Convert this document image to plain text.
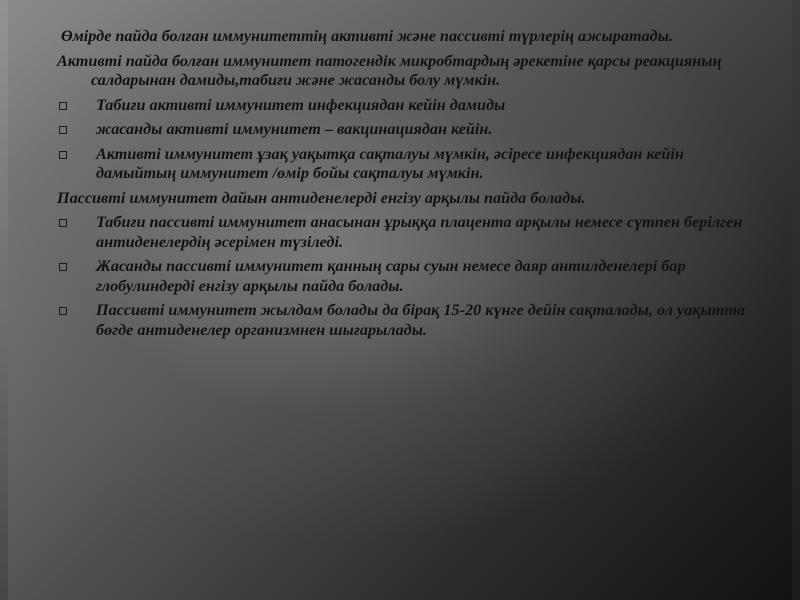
Өмірде пайда болған иммунитеттің активті және пассивті түрлерің ажыратады.

Активті пайда болған иммунитет патогендік микробтардың әрекетіне қарсы реакцияның салдарынан дамиды,табиғи және жасанды болу мүмкін.

Табиғи активті иммунитет инфекциядан кейін дамиды
жасанды активті иммунитет – вакцинациядан кейін.
Активті иммунитет ұзақ уақытқа сақталуы мүмкін, әсіресе инфекциядан кейін дамыйтың иммунитет /өмір бойы сақталуы мүмкін.

Пассивті иммунитет дайын антиденелерді енгізу арқылы пайда болады.

Табиғи пассивті иммунитет анасынан ұрыққа плацента арқылы немесе сүтпен берілген антиденелердің әсерімен түзіледі.
Жасанды пассивті иммунитет қанның сары суын немесе даяр антилденелері бар глобулиндерді енгізу арқылы пайда болады.
Пассивті иммунитет жылдам болады да бірақ 15-20 күнге дейін сақталады, ол уақытта бөгде антиденелер организмнен шығарылады.
